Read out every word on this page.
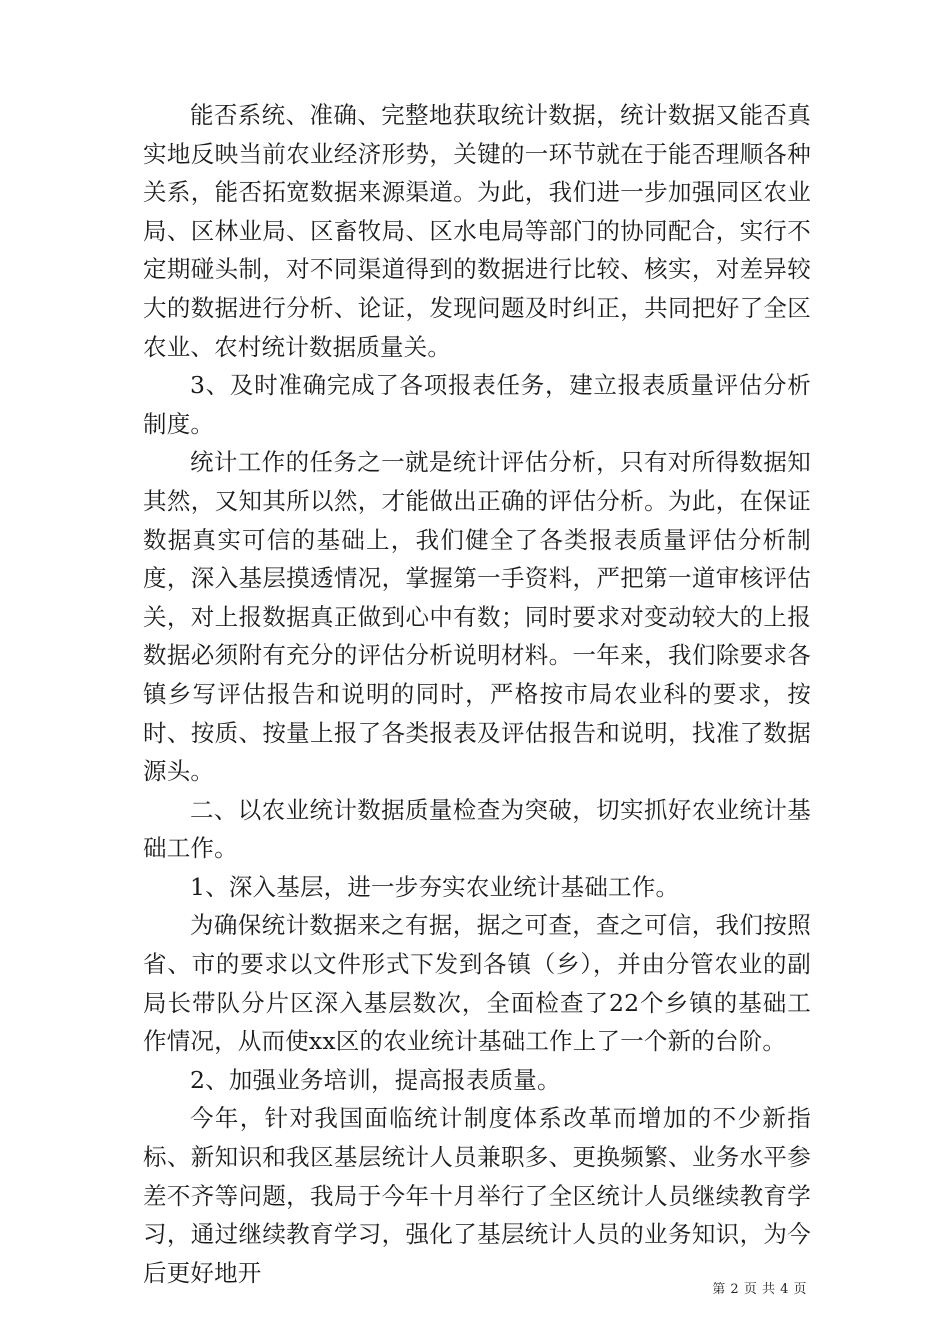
能否系统、准确、完整地获取统计数据，统计数据又能否真实地反映当前农业经济形势，关键的一环节就在于能否理顺各种关系，能否拓宽数据来源渠道。为此，我们进一步加强同区农业局、区林业局、区畜牧局、区水电局等部门的协同配合，实行不定期碰头制，对不同渠道得到的数据进行比较、核实，对差异较大的数据进行分析、论证，发现问题及时纠正，共同把好了全区农业、农村统计数据质量关。

3、及时准确完成了各项报表任务，建立报表质量评估分析制度。

统计工作的任务之一就是统计评估分析，只有对所得数据知其然，又知其所以然，才能做出正确的评估分析。为此，在保证数据真实可信的基础上，我们健全了各类报表质量评估分析制度，深入基层摸透情况，掌握第一手资料，严把第一道审核评估关，对上报数据真正做到心中有数；同时要求对变动较大的上报数据必须附有充分的评估分析说明材料。一年来，我们除要求各镇乡写评估报告和说明的同时，严格按市局农业科的要求，按时、按质、按量上报了各类报表及评估报告和说明，找准了数据源头。

二、以农业统计数据质量检查为突破，切实抓好农业统计基础工作。

1、深入基层，进一步夯实农业统计基础工作。

为确保统计数据来之有据，据之可查，查之可信，我们按照省、市的要求以文件形式下发到各镇（乡），并由分管农业的副局长带队分片区深入基层数次，全面检查了22个乡镇的基础工作情况，从而使xx区的农业统计基础工作上了一个新的台阶。

2、加强业务培训，提高报表质量。

今年，针对我国面临统计制度体系改革而增加的不少新指标、新知识和我区基层统计人员兼职多、更换频繁、业务水平参差不齐等问题，我局于今年十月举行了全区统计人员继续教育学习，通过继续教育学习，强化了基层统计人员的业务知识，为今后更好地开

第 2 页 共 4 页
